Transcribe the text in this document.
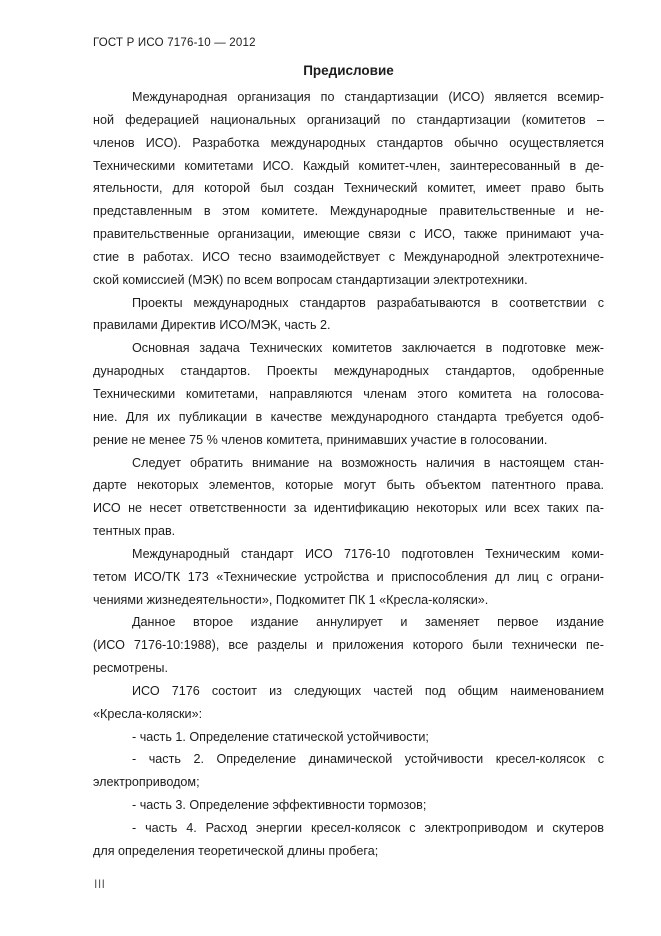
ГОСТ Р ИСО 7176-10 — 2012
Предисловие
Международная организация по стандартизации (ИСО) является всемир-
ной федерацией национальных организаций по стандартизации (комитетов –
членов ИСО). Разработка международных стандартов обычно осуществляется
Техническими комитетами ИСО. Каждый комитет-член, заинтересованный в де-
ятельности, для которой был создан Технический комитет, имеет право быть
представленным в этом комитете. Международные правительственные и не-
правительственные организации, имеющие связи с ИСО, также принимают уча-
стие в работах. ИСО тесно взаимодействует с Международной электротехниче-
ской комиссией (МЭК) по всем вопросам стандартизации электротехники.
Проекты международных стандартов разрабатываются в соответствии с
правилами Директив ИСО/МЭК, часть 2.
Основная задача Технических комитетов заключается в подготовке меж-
дународных стандартов. Проекты международных стандартов, одобренные
Техническими комитетами, направляются членам этого комитета на голосова-
ние. Для их публикации в качестве международного стандарта требуется одоб-
рение не менее 75 % членов комитета, принимавших участие в голосовании.
Следует обратить внимание на возможность наличия в настоящем стан-
дарте некоторых элементов, которые могут быть объектом патентного права.
ИСО не несет ответственности за идентификацию некоторых или всех таких па-
тентных прав.
Международный стандарт ИСО 7176-10 подготовлен Техническим коми-
тетом ИСО/ТК 173 «Технические устройства и приспособления дл лиц с ограни-
чениями жизнедеятельности», Подкомитет ПК 1 «Кресла-коляски».
Данное второе издание аннулирует и заменяет первое издание
(ИСО 7176-10:1988), все разделы и приложения которого были технически пе-
ресмотрены.
ИСО 7176 состоит из следующих частей под общим наименованием
«Кресла-коляски»:
- часть 1. Определение статической устойчивости;
- часть 2. Определение динамической устойчивости кресел-колясок с
электроприводом;
- часть 3. Определение эффективности тормозов;
- часть 4. Расход энергии кресел-колясок с электроприводом и скутеров
для определения теоретической длины пробега;
III
